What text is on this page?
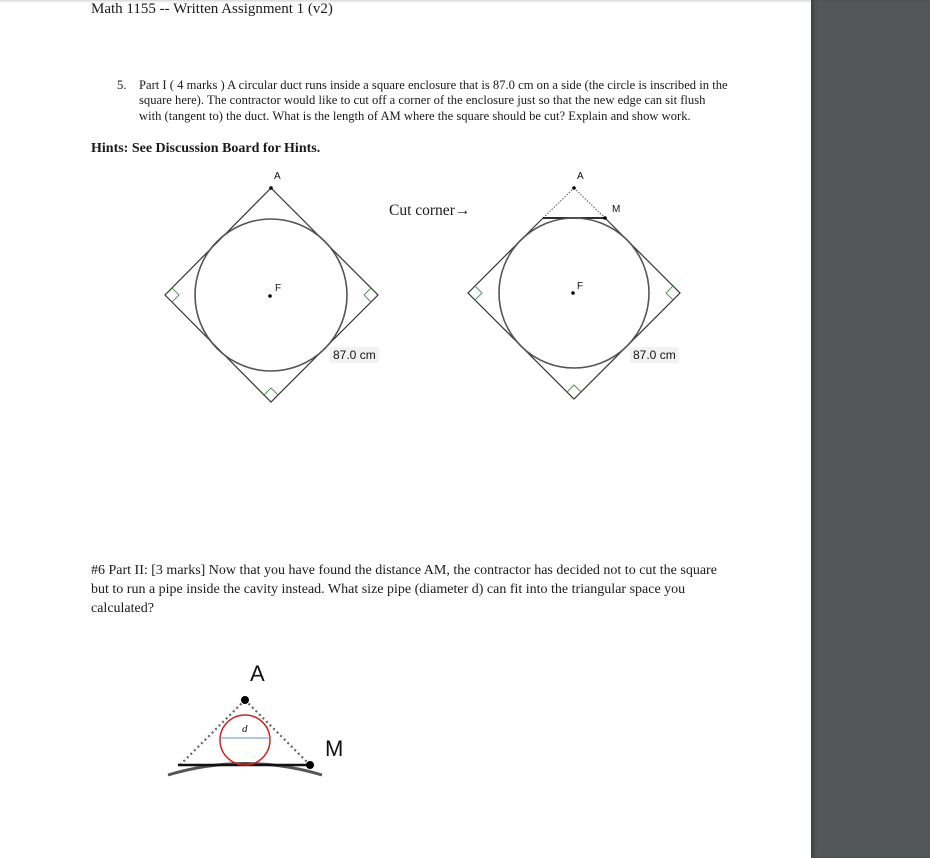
Math 1155 -- Written Assignment 1 (v2)
5. Part I ( 4 marks ) A circular duct runs inside a square enclosure that is 87.0 cm on a side (the circle is inscribed in the square here). The contractor would like to cut off a corner of the enclosure just so that the new edge can sit flush with (tangent to) the duct. What is the length of AM where the square should be cut? Explain and show work.
Hints: See Discussion Board for Hints.
A
F
87.0 cm
Cut corner→
A
M
F
87.0 cm
#6 Part II: [3 marks] Now that you have found the distance AM, the contractor has decided not to cut the square but to run a pipe inside the cavity instead. What size pipe (diameter d) can fit into the triangular space you calculated?
A
M
d
